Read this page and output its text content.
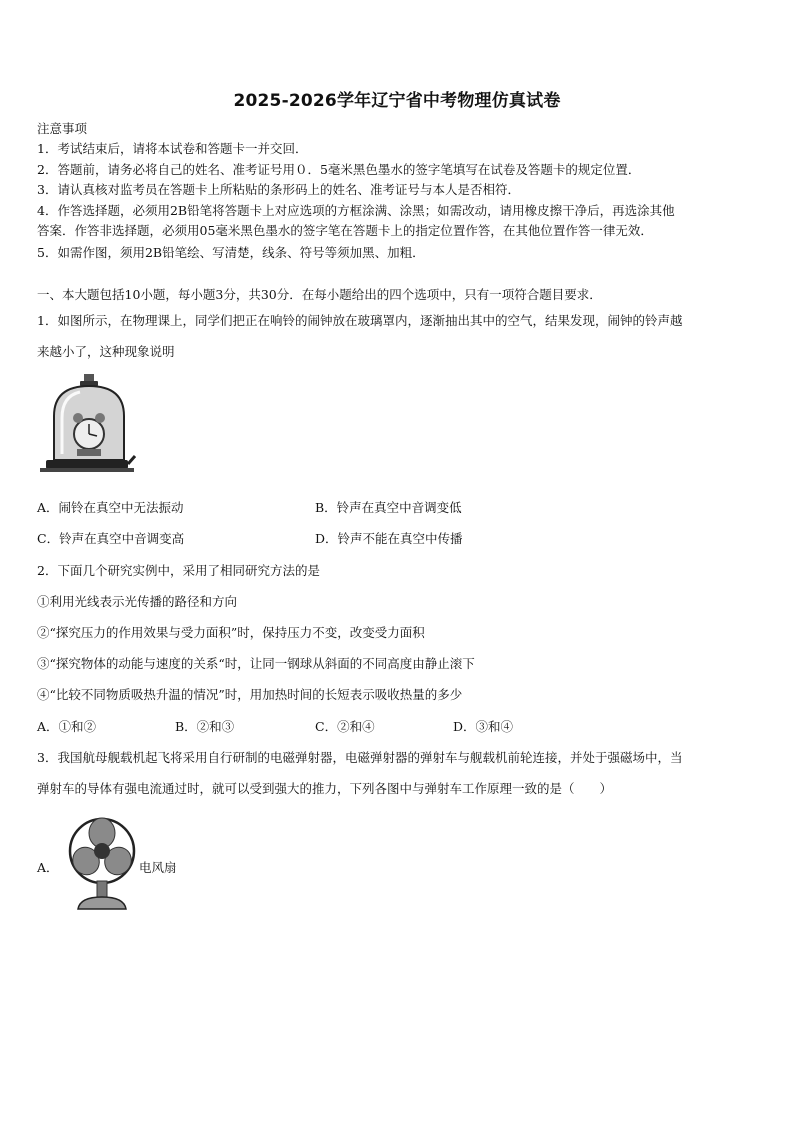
2025-2026学年辽宁省中考物理仿真试卷
注意事项
1．考试结束后，请将本试卷和答题卡一并交回．
2．答题前，请务必将自己的姓名、准考证号用０．5毫米黑色墨水的签字笔填写在试卷及答题卡的规定位置．
3．请认真核对监考员在答题卡上所粘贴的条形码上的姓名、准考证号与本人是否相符．
4．作答选择题，必须用2B铅笔将答题卡上对应选项的方框涂满、涂黑；如需改动，请用橡皮擦干净后，再选涂其他
答案．作答非选择题，必须用05毫米黑色墨水的签字笔在答题卡上的指定位置作答，在其他位置作答一律无效．
5．如需作图，须用2B铅笔绘、写清楚，线条、符号等须加黑、加粗．
一、本大题包括10小题，每小题3分，共30分．在每小题给出的四个选项中，只有一项符合题目要求．
1．如图所示，在物理课上，同学们把正在响铃的闹钟放在玻璃罩内，逐渐抽出其中的空气，结果发现，闹钟的铃声越
来越小了，这种现象说明
A．闹铃在真空中无法振动	B．铃声在真空中音调变低
C．铃声在真空中音调变高	D．铃声不能在真空中传播
2．下面几个研究实例中，采用了相同研究方法的是
①利用光线表示光传播的路径和方向
②“探究压力的作用效果与受力面积”时，保持压力不变，改变受力面积
③“探究物体的动能与速度的关系“时，让同一钢球从斜面的不同高度由静止滚下
④“比较不同物质吸热升温的情况”时，用加热时间的长短表示吸收热量的多少
A．①和②	B．②和③	C．②和④	D．③和④
3．我国航母舰载机起飞将采用自行研制的电磁弹射器，电磁弹射器的弹射车与舰载机前轮连接，并处于强磁场中，当
弹射车的导体有强电流通过时，就可以受到强大的推力，下列各图中与弹射车工作原理一致的是（　　）
A．	电风扇
